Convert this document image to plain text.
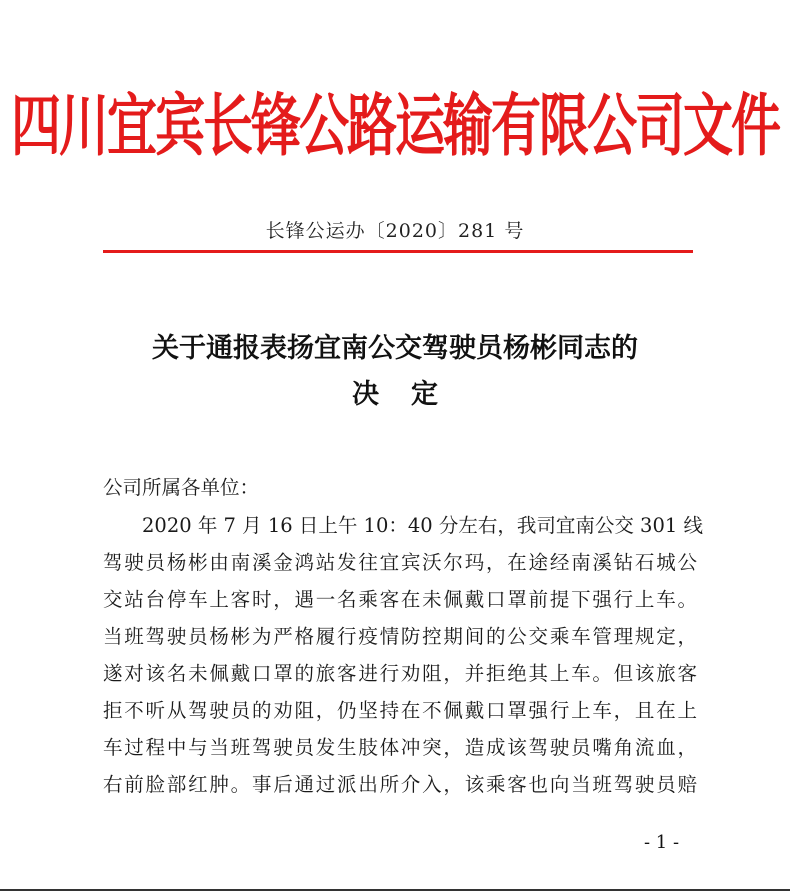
四川宜宾长锋公路运输有限公司文件
长锋公运办〔2020〕281 号
关于通报表扬宜南公交驾驶员杨彬同志的
决定
公司所属各单位：
2020 年 7 月 16 日上午 10：40 分左右，我司宜南公交 301 线
驾驶员杨彬由南溪金鸿站发往宜宾沃尔玛，在途经南溪钻石城公
交站台停车上客时，遇一名乘客在未佩戴口罩前提下强行上车。
当班驾驶员杨彬为严格履行疫情防控期间的公交乘车管理规定，
遂对该名未佩戴口罩的旅客进行劝阻，并拒绝其上车。但该旅客
拒不听从驾驶员的劝阻，仍坚持在不佩戴口罩强行上车，且在上
车过程中与当班驾驶员发生肢体冲突，造成该驾驶员嘴角流血，
右前脸部红肿。事后通过派出所介入，该乘客也向当班驾驶员赔
- 1 -
